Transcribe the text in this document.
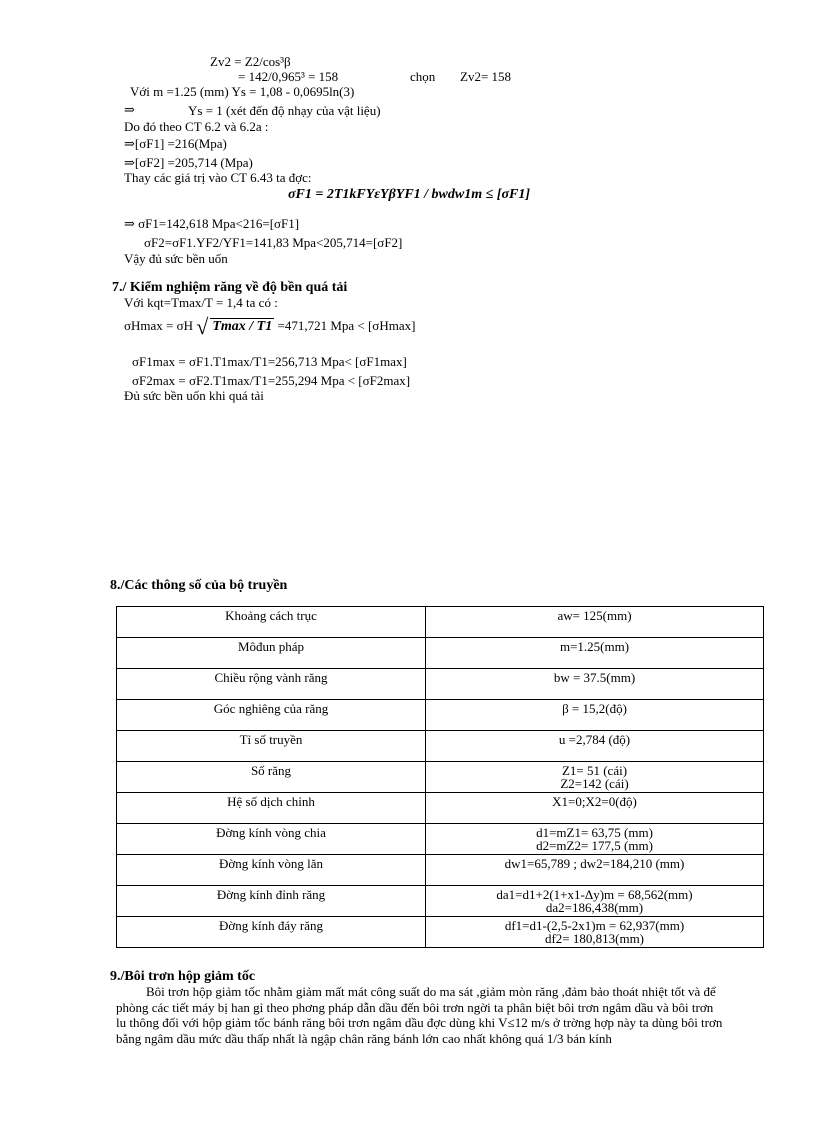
Zv2 = Z2/cos³β
= 142/0,965³ = 158	chọn Zv2= 158
Với m =1.25 (mm) Ys = 1,08 - 0,0695ln(3)
⇒	Ys = 1 (xét đến độ nhạy của vật liệu)
Do đó theo CT 6.2 và 6.2a :
⇒[σF1] =216(Mpa)
⇒[σF2] =205,714 (Mpa)
Thay các giá trị vào CT 6.43 ta đợc:
σF1 = 2T1kFYεYβYF1 / bwdw1m ≤ [σF1]
⇒ σF1=142,618 Mpa<216=[σF1]
σF2=σF1.YF2/YF1=141,83 Mpa<205,714=[σF2]
Vậy đủ sức bền uốn
7./ Kiểm nghiệm răng về độ bền quá tải
Với kqt=Tmax/T = 1,4 ta có :
σHmax = σH √ Tmax / T1 =471,721 Mpa < [σHmax]
σF1max = σF1.T1max/T1=256,713 Mpa< [σF1max]
σF2max = σF2.T1max/T1=255,294 Mpa < [σF2max]
Đủ sức bền uốn khi quá tải
8./Các thông số của bộ truyền
Khoảng cách trục	aw= 125(mm)

Môđun pháp	m=1.25(mm)

Chiều rộng vành răng	bw = 37.5(mm)

Góc nghiêng của răng	β = 15,2(độ)

Tỉ số truyền	u =2,784 (độ)

Số răng	Z1= 51 (cái)
Z2=142 (cái)

Hệ số dịch chỉnh	X1=0;X2=0(độ)

Đờng kính vòng chia	d1=mZ1= 63,75 (mm)
d2=mZ2= 177,5 (mm)

Đờng kính vòng lăn	dw1=65,789 ; dw2=184,210 (mm)

Đờng kính đỉnh răng	da1=d1+2(1+x1-Δy)m = 68,562(mm)
da2=186,438(mm)

Đờng kính đáy răng	df1=d1-(2,5-2x1)m = 62,937(mm)
df2= 180,813(mm)
9./Bôi trơn hộp giảm tốc
Bôi trơn hộp giảm tốc nhằm giảm mất mát công suất do ma sát ,giảm mòn răng ,đảm bảo thoát nhiệt tốt và để phòng các tiết máy bị han gỉ theo phơng pháp dẫn dầu đến bôi trơn ngời ta phân biệt bôi trơn ngâm dầu và bôi trơn lu thông đối với hộp giảm tốc bánh răng bôi trơn ngâm dầu đợc dùng khi V≤12 m/s ở trờng hợp này ta dùng bôi trơn bằng ngâm dầu mức dầu thấp nhất là ngập chân răng bánh lớn cao nhất không quá 1/3 bán kính
